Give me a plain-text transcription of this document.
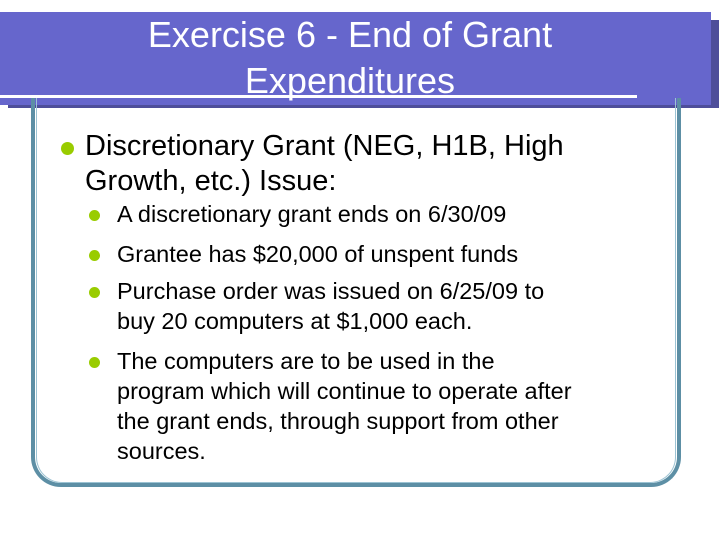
Exercise 6 - End of Grant
Expenditures
Discretionary Grant (NEG, H1B, High
Growth, etc.) Issue:
A discretionary grant ends on 6/30/09
Grantee has $20,000 of unspent funds
Purchase order was issued on 6/25/09 to
buy 20 computers at $1,000 each.
The computers are to be used in the
program which will continue to operate after
the grant ends, through support from other
sources.
